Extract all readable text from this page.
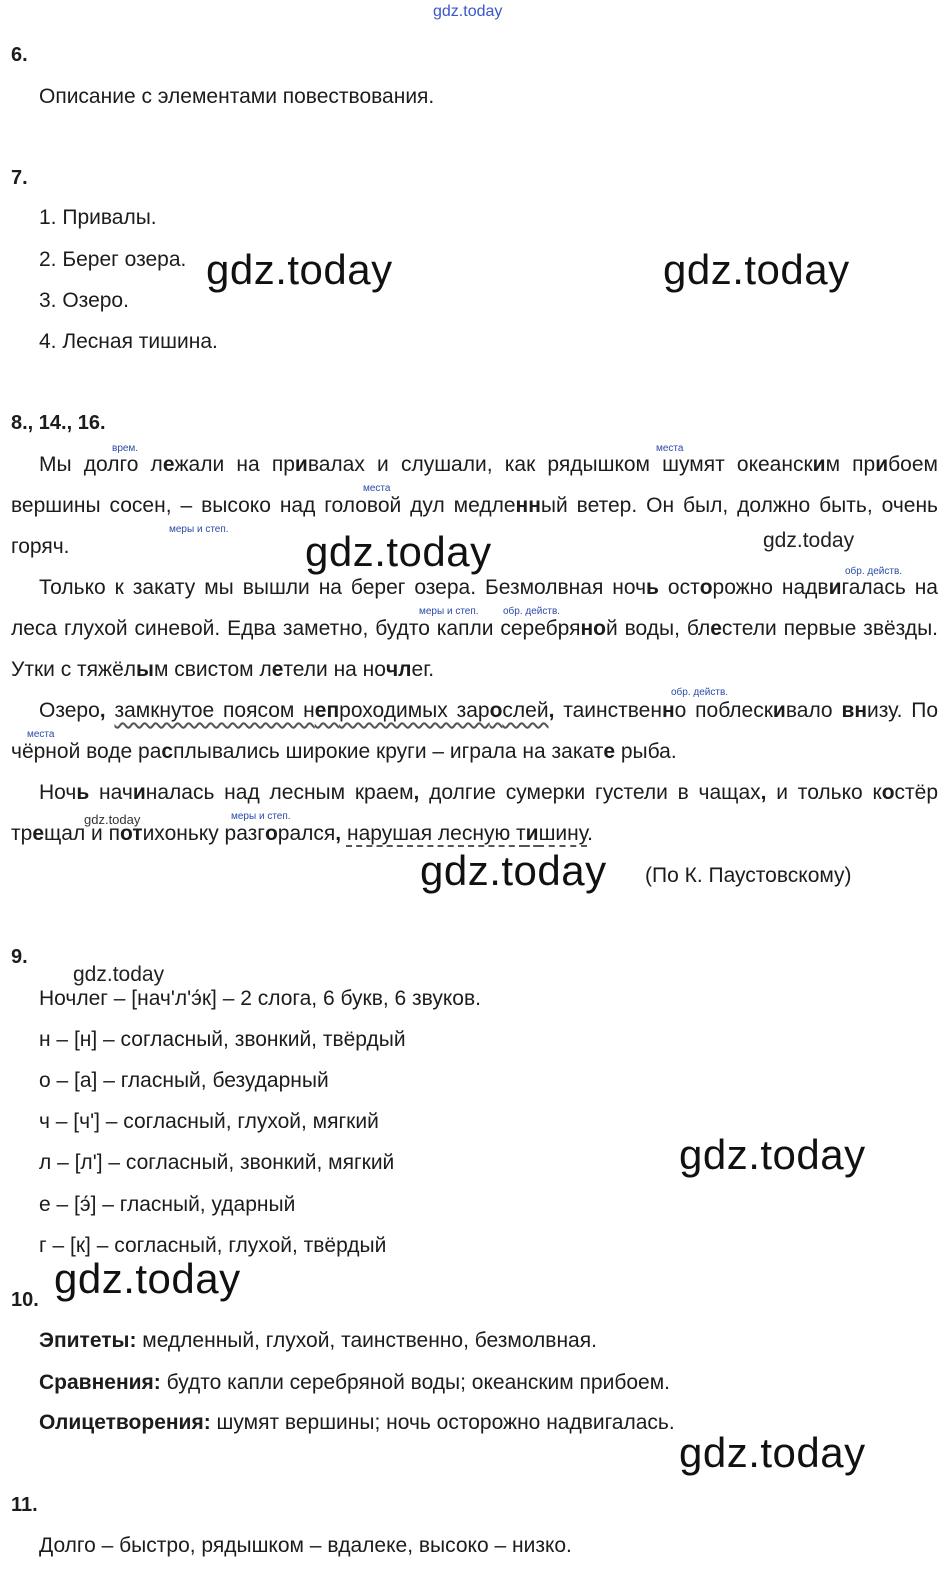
gdz.today
6.
Описание с элементами повествования.
7.
1. Привалы.
2. Берег озера.
3. Озеро.
4. Лесная тишина.
8., 14., 16.
врем.	места
места
меры и степ.
обр. действ.
меры и степ. обр. действ.
обр. действ.
места
меры и степ.
Мы долго лежали на привалах и слушали, как рядышком шумят океанским прибоем вершины сосен, – высоко над головой дул медленный ветер. Он был, должно быть, очень горяч.
Только к закату мы вышли на берег озера. Безмолвная ночь осторожно надвигалась на леса глухой синевой. Едва заметно, будто капли серебряной воды, блестели первые звёзды. Утки с тяжёлым свистом летели на ночлег.
Озеро, замкнутое поясом непроходимых зарослей, таинственно поблескивало внизу. По чёрной воде расплывались широкие круги – играла на закате рыба.
Ночь начиналась над лесным краем, долгие сумерки густели в чащах, и только костёр трещал и потихоньку разгорался, нарушая лесную тишину.
(По К. Паустовскому)
9.
Ночлег – [нач'л'э́к] – 2 слога, 6 букв, 6 звуков.
н – [н] – согласный, звонкий, твёрдый
о – [а] – гласный, безударный
ч – [ч'] – согласный, глухой, мягкий
л – [л'] – согласный, звонкий, мягкий
е – [э́] – гласный, ударный
г – [к] – согласный, глухой, твёрдый
10.
Эпитеты: медленный, глухой, таинственно, безмолвная.
Сравнения: будто капли серебряной воды; океанским прибоем.
Олицетворения: шумят вершины; ночь осторожно надвигалась.
11.
Долго – быстро, рядышком – вдалеке, высоко – низко.
gdz.today	gdz.today
gdz.today	gdz.today
gdz.today
gdz.today
gdz.today
gdz.today
gdz.today
gdz.today
